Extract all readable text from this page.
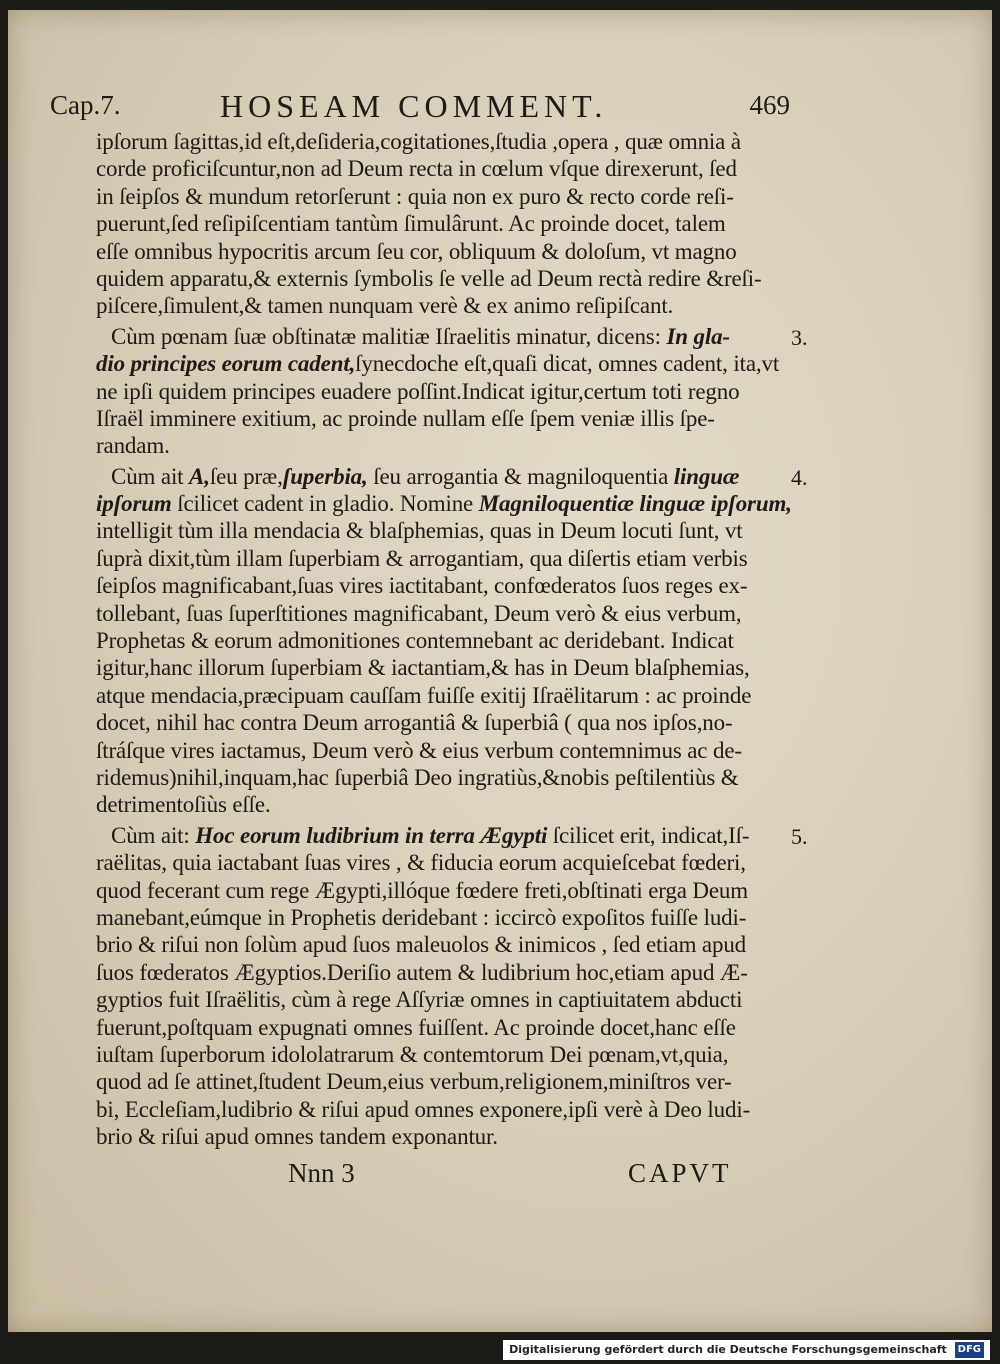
Cap.7.	HOSEAM COMMENT.	469
ipſorum ſagittas,id eſt,deſideria,cogitationes,ſtudia ,opera , quæ omnia à
corde proficiſcuntur,non ad Deum recta in cœlum vſque direxerunt, ſed
in ſeipſos & mundum retorſerunt : quia non ex puro & recto corde reſi-
puerunt,ſed reſipiſcentiam tantùm ſimulârunt. Ac proinde docet, talem
eſſe omnibus hypocritis arcum ſeu cor, obliquum & doloſum, vt magno
quidem apparatu,& externis ſymbolis ſe velle ad Deum rectà redire &reſi-
piſcere,ſimulent,& tamen nunquam verè & ex animo reſipiſcant.
Cùm pœnam ſuæ obſtinatæ malitiæ Iſraelitis minatur, dicens: In gla-
dio principes eorum cadent,ſynecdoche eſt,quaſi dicat, omnes cadent, ita,vt
ne ipſi quidem principes euadere poſſint.Indicat igitur,certum toti regno
Iſraël imminere exitium, ac proinde nullam eſſe ſpem veniæ illis ſpe-
randam.
Cùm ait A,ſeu præ,ſuperbia, ſeu arrogantia & magniloquentia linguæ
ipſorum ſcilicet cadent in gladio. Nomine Magniloquentiæ linguæ ipſorum,
intelligit tùm illa mendacia & blaſphemias, quas in Deum locuti ſunt, vt
ſuprà dixit,tùm illam ſuperbiam & arrogantiam, qua diſertis etiam verbis
ſeipſos magnificabant,ſuas vires iactitabant, confœderatos ſuos reges ex-
tollebant, ſuas ſuperſtitiones magnificabant, Deum verò & eius verbum,
Prophetas & eorum admonitiones contemnebant ac deridebant. Indicat
igitur,hanc illorum ſuperbiam & iactantiam,& has in Deum blaſphemias,
atque mendacia,præcipuam cauſſam fuiſſe exitij Iſraëlitarum : ac proinde
docet, nihil hac contra Deum arrogantiâ & ſuperbiâ ( qua nos ipſos,no-
ſtráſque vires iactamus, Deum verò & eius verbum contemnimus ac de-
ridemus)nihil,inquam,hac ſuperbiâ Deo ingratiùs,&nobis peſtilentiùs &
detrimentoſiùs eſſe.
Cùm ait: Hoc eorum ludibrium in terra Ægypti ſcilicet erit, indicat,Iſ-
raëlitas, quia iactabant ſuas vires , & fiducia eorum acquieſcebat fœderi,
quod fecerant cum rege Ægypti,illóque fœdere freti,obſtinati erga Deum
manebant,eúmque in Prophetis deridebant : iccircò expoſitos fuiſſe ludi-
brio & riſui non ſolùm apud ſuos maleuolos & inimicos , ſed etiam apud
ſuos fœderatos Ægyptios.Deriſio autem & ludibrium hoc,etiam apud Æ-
gyptios fuit Iſraëlitis, cùm à rege Aſſyriæ omnes in captiuitatem abducti
fuerunt,poſtquam expugnati omnes fuiſſent. Ac proinde docet,hanc eſſe
iuſtam ſuperborum idololatrarum & contemtorum Dei pœnam,vt,quia,
quod ad ſe attinet,ſtudent Deum,eius verbum,religionem,miniſtros ver-
bi, Eccleſiam,ludibrio & riſui apud omnes exponere,ipſi verè à Deo ludi-
brio & riſui apud omnes tandem exponantur.
3.
4.
5.
Nnn 3	CAPVT
Digitalisierung gefördert durch die Deutsche Forschungsgemeinschaft DFG
